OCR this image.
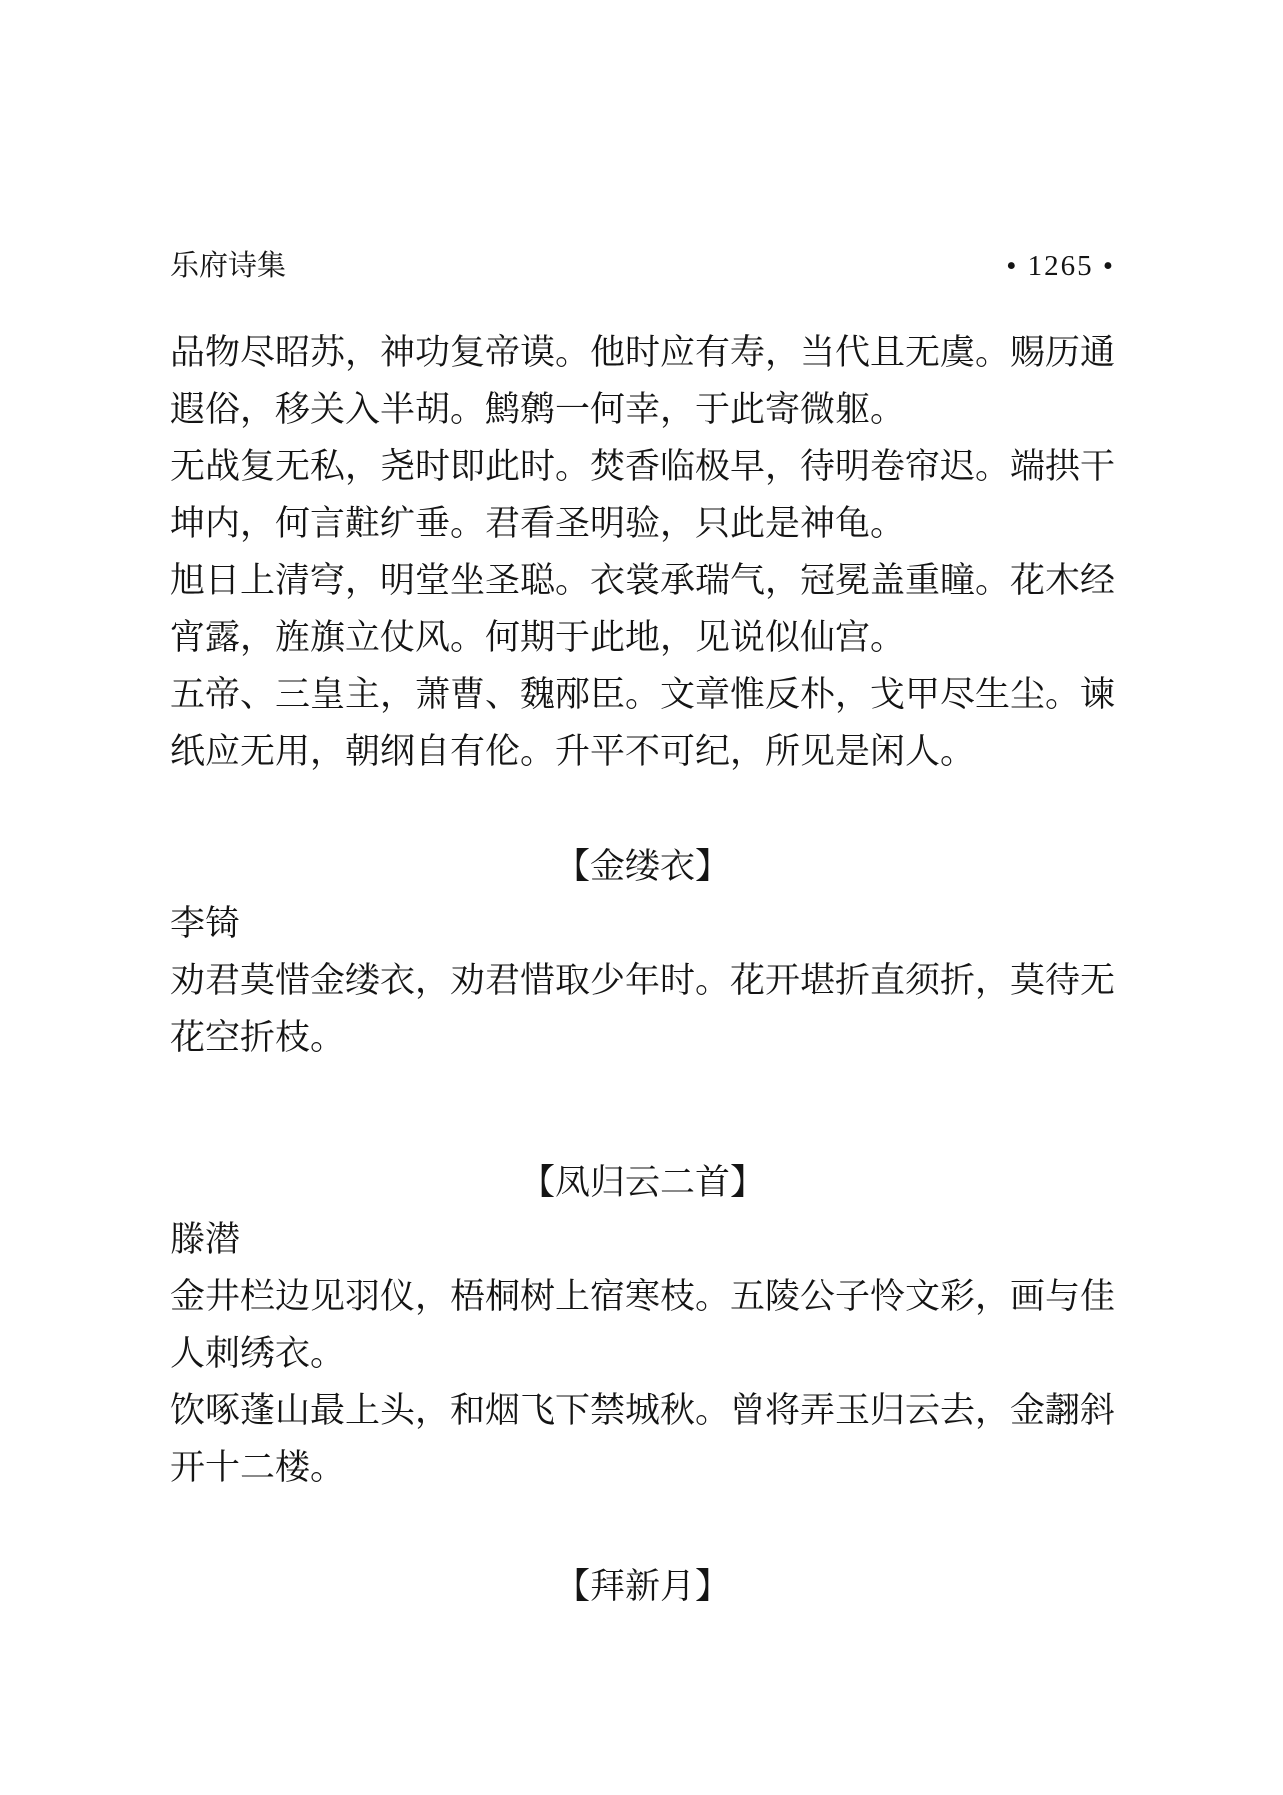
乐府诗集	• 1265 •
品物尽昭苏，神功复帝谟。他时应有寿，当代且无虞。赐历通
遐俗，移关入半胡。鹪鹩一何幸，于此寄微躯。
无战复无私，尧时即此时。焚香临极早，待明卷帘迟。端拱干
坤内，何言黈纩垂。君看圣明验，只此是神龟。
旭日上清穹，明堂坐圣聪。衣裳承瑞气，冠冕盖重瞳。花木经
宵露，旌旗立仗风。何期于此地，见说似仙宫。
五帝、三皇主，萧曹、魏邴臣。文章惟反朴，戈甲尽生尘。谏
纸应无用，朝纲自有伦。升平不可纪，所见是闲人。
【金缕衣】
李锜
劝君莫惜金缕衣，劝君惜取少年时。花开堪折直须折，莫待无
花空折枝。
【凤归云二首】
滕潜
金井栏边见羽仪，梧桐树上宿寒枝。五陵公子怜文彩，画与佳
人刺绣衣。
饮啄蓬山最上头，和烟飞下禁城秋。曾将弄玉归云去，金翿斜
开十二楼。
【拜新月】
